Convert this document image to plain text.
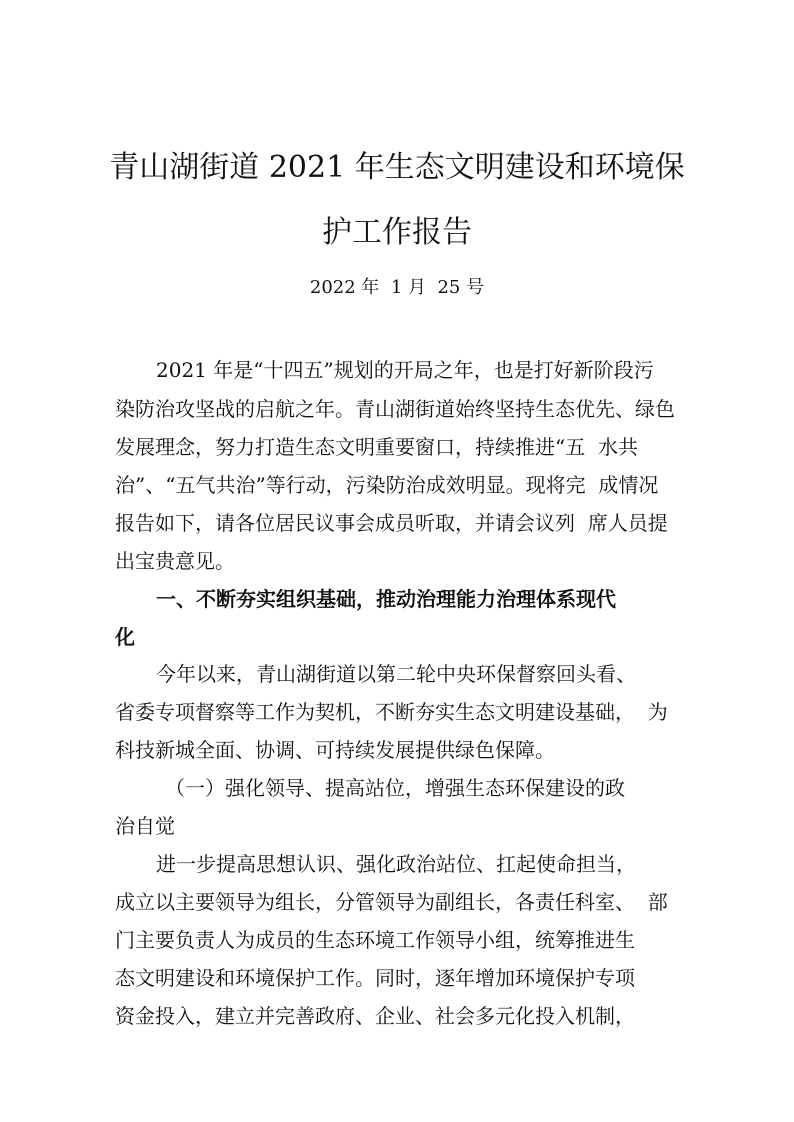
青山湖街道 2021 年生态文明建设和环境保
护工作报告
2022 年  1 月  25 号
2021 年是“十四五”规划的开局之年，也是打好新阶段污
染防治攻坚战的启航之年。青山湖街道始终坚持生态优先、绿色
发展理念，努力打造生态文明重要窗口，持续推进“五  水共
治”、“五气共治”等行动，污染防治成效明显。现将完  成情况
报告如下，请各位居民议事会成员听取，并请会议列  席人员提
出宝贵意见。
一、不断夯实组织基础，推动治理能力治理体系现代
化
今年以来，青山湖街道以第二轮中央环保督察回头看、
省委专项督察等工作为契机，不断夯实生态文明建设基础，  为
科技新城全面、协调、可持续发展提供绿色保障。
（一）强化领导、提高站位，增强生态环保建设的政
治自觉
进一步提高思想认识、强化政治站位、扛起使命担当，
成立以主要领导为组长，分管领导为副组长，各责任科室、  部
门主要负责人为成员的生态环境工作领导小组，统筹推进生
态文明建设和环境保护工作。同时，逐年增加环境保护专项
资金投入，建立并完善政府、企业、社会多元化投入机制，
